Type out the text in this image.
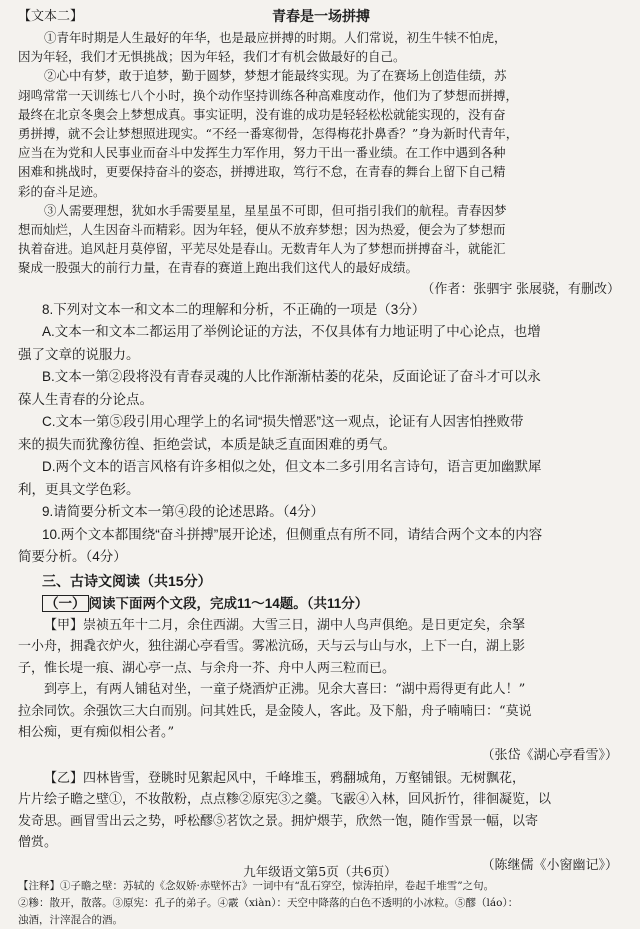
【文本二】	青春是一场拼搏
①青年时期是人生最好的年华，也是最应拼搏的时期。人们常说，初生牛犊不怕虎，
因为年轻，我们才无惧挑战；因为年轻，我们才有机会做最好的自己。
②心中有梦，敢于追梦，勤于圆梦，梦想才能最终实现。为了在赛场上创造佳绩，苏
翊鸣常常一天训练七八个小时，换个动作坚持训练各种高难度动作，他们为了梦想而拼搏，
最终在北京冬奥会上梦想成真。事实证明，没有谁的成功是轻轻松松就能实现的，没有奋
勇拼搏，就不会让梦想照进现实。“不经一番寒彻骨，怎得梅花扑鼻香？”身为新时代青年，
应当在为党和人民事业而奋斗中发挥生力军作用，努力干出一番业绩。在工作中遇到各种
困难和挑战时，更要保持奋斗的姿态，拼搏进取，笃行不怠，在青春的舞台上留下自己精
彩的奋斗足迹。
③人需要理想，犹如水手需要星星，星星虽不可即，但可指引我们的航程。青春因梦
想而灿烂，人生因奋斗而精彩。因为年轻，便从不放弃梦想；因为热爱，便会为了梦想而
执着奋进。追风赶月莫停留，平芜尽处是春山。无数青年人为了梦想而拼搏奋斗，就能汇
聚成一股强大的前行力量，在青春的赛道上跑出我们这代人的最好成绩。
（作者：张驷宇 张展骁，有删改）
8.下列对文本一和文本二的理解和分析，不正确的一项是（3分）
A.文本一和文本二都运用了举例论证的方法，不仅具体有力地证明了中心论点，也增
强了文章的说服力。
B.文本一第②段将没有青春灵魂的人比作渐渐枯萎的花朵，反面论证了奋斗才可以永
葆人生青春的分论点。
C.文本一第⑤段引用心理学上的名词“损失憎恶”这一观点，论证有人因害怕挫败带
来的损失而犹豫彷徨、拒绝尝试，本质是缺乏直面困难的勇气。
D.两个文本的语言风格有许多相似之处，但文本二多引用名言诗句，语言更加幽默犀
利，更具文学色彩。
9.请简要分析文本一第④段的论述思路。（4分）
10.两个文本都围绕“奋斗拼搏”展开论述，但侧重点有所不同，请结合两个文本的内容
简要分析。（4分）
三、古诗文阅读（共15分）
（一） 阅读下面两个文段，完成11～14题。（共11分）
【甲】崇祯五年十二月，余住西湖。大雪三日，湖中人鸟声俱绝。是日更定矣，余拏
一小舟，拥毳衣炉火，独往湖心亭看雪。雾凇沆砀，天与云与山与水，上下一白，湖上影
子，惟长堤一痕、湖心亭一点、与余舟一芥、舟中人两三粒而已。
到亭上，有两人铺毡对坐，一童子烧酒炉正沸。见余大喜曰：“湖中焉得更有此人！”
拉余同饮。余强饮三大白而别。问其姓氏，是金陵人，客此。及下船，舟子喃喃曰：“莫说
相公痴，更有痴似相公者。”
（张岱《湖心亭看雪》）
【乙】四林皆雪，登眺时见絮起风中，千峰堆玉，鸦翻城角，万壑铺银。无树飘花，
片片绘子瞻之壁①，不妆散粉，点点糁②原宪③之羹。飞霰④入林，回风折竹，徘徊凝览，以
发奇思。画冒雪出云之势，呼松醪⑤茗饮之景。拥炉煨芋，欣然一饱，随作雪景一幅，以寄
僧赏。
（陈继儒《小窗幽记》）
【注释】①子瞻之壁：苏轼的《念奴娇·赤壁怀古》一词中有“乱石穿空，惊涛拍岸，卷起千堆雪”之句。
②糁：散开，散落。③原宪：孔子的弟子。④霰（xiàn）：天空中降落的白色不透明的小冰粒。⑤醪（láo）：
浊酒，汁滓混合的酒。
九年级语文第5页（共6页）
